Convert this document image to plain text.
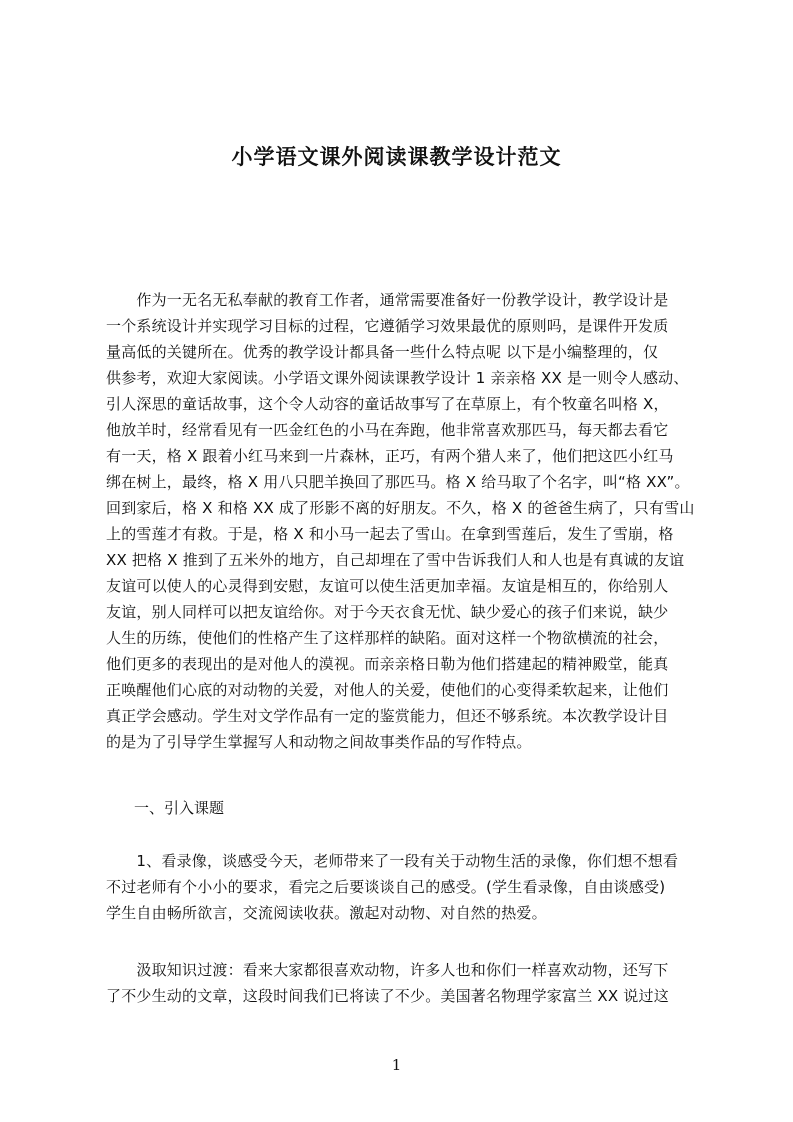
小学语文课外阅读课教学设计范文
　　作为一无名无私奉献的教育工作者，通常需要准备好一份教学设计，教学设计是
一个系统设计并实现学习目标的过程，它遵循学习效果最优的原则吗，是课件开发质
量高低的关键所在。优秀的教学设计都具备一些什么特点呢 以下是小编整理的，仅
供参考，欢迎大家阅读。小学语文课外阅读课教学设计 1 亲亲格 XX 是一则令人感动、
引人深思的童话故事，这个令人动容的童话故事写了在草原上，有个牧童名叫格 X，
他放羊时，经常看见有一匹金红色的小马在奔跑，他非常喜欢那匹马，每天都去看它
有一天，格 X 跟着小红马来到一片森林，正巧，有两个猎人来了，他们把这匹小红马
绑在树上，最终，格 X 用八只肥羊换回了那匹马。格 X 给马取了个名字，叫“格 XX”。
回到家后，格 X 和格 XX 成了形影不离的好朋友。不久，格 X 的爸爸生病了，只有雪山
上的雪莲才有救。于是，格 X 和小马一起去了雪山。在拿到雪莲后，发生了雪崩，格
XX 把格 X 推到了五米外的地方，自己却埋在了雪中告诉我们人和人也是有真诚的友谊
友谊可以使人的心灵得到安慰，友谊可以使生活更加幸福。友谊是相互的，你给别人
友谊，别人同样可以把友谊给你。对于今天衣食无忧、缺少爱心的孩子们来说，缺少
人生的历练，使他们的性格产生了这样那样的缺陷。面对这样一个物欲横流的社会，
他们更多的表现出的是对他人的漠视。而亲亲格日勒为他们搭建起的精神殿堂，能真
正唤醒他们心底的对动物的关爱，对他人的关爱，使他们的心变得柔软起来，让他们
真正学会感动。学生对文学作品有一定的鉴赏能力，但还不够系统。本次教学设计目
的是为了引导学生掌握写人和动物之间故事类作品的写作特点。
一、引入课题
　　1、看录像，谈感受今天，老师带来了一段有关于动物生活的录像，你们想不想看
不过老师有个小小的要求，看完之后要谈谈自己的感受。(学生看录像，自由谈感受)
学生自由畅所欲言，交流阅读收获。激起对动物、对自然的热爱。
　　汲取知识过渡：看来大家都很喜欢动物，许多人也和你们一样喜欢动物，还写下
了不少生动的文章，这段时间我们已将读了不少。美国著名物理学家富兰 XX 说过这
1
